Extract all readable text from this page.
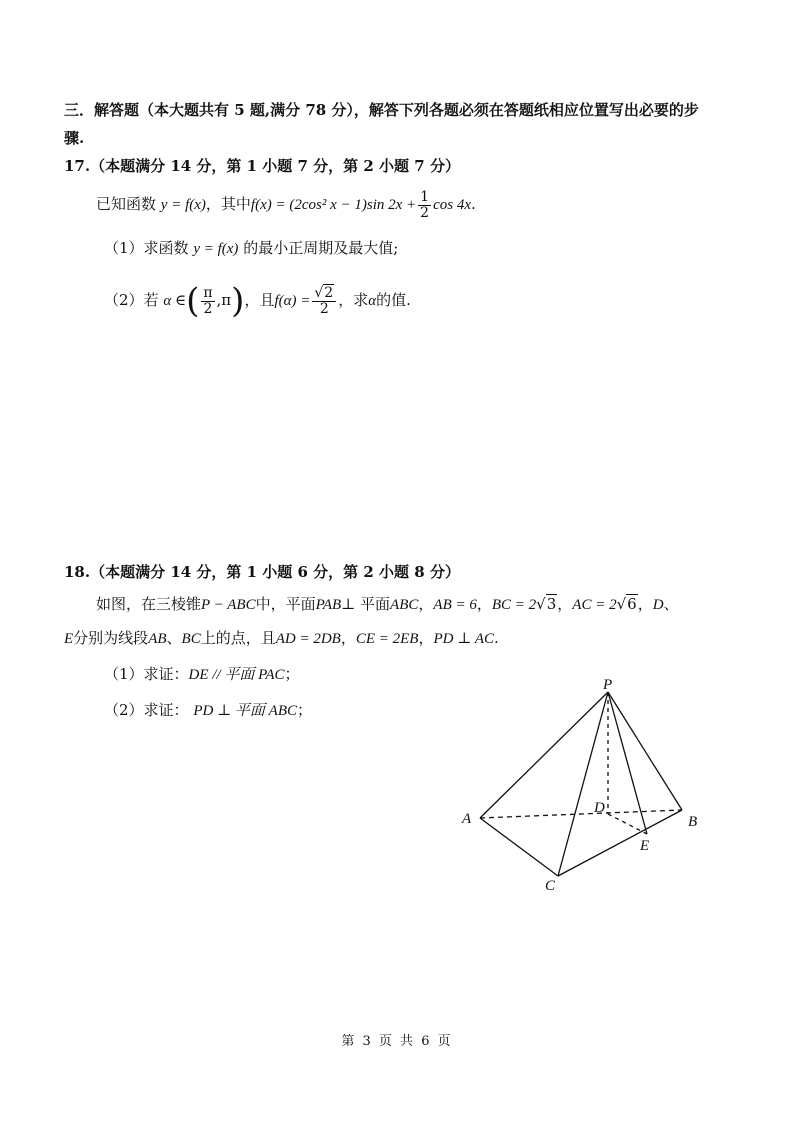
三．解答题（本大题共有 5 题,满分 78 分），解答下列各题必须在答题纸相应位置写出必要的步
骤.
17.（本题满分 14 分，第 1 小题 7 分，第 2 小题 7 分）
已知函数 y = f(x)，其中f(x) = (2cos² x − 1)sin $2x + \frac{1}{2}$ cos 4x.
（1）求函数 y = f(x) 的最小正周期及最大值;
（2）若 α ∈( $\frac{\pi}{2} ,\pi$)，且$f(\alpha) = \frac{√2}{2}$ ，求α的值.
18.（本题满分 14 分，第 1 小题 6 分，第 2 小题 8 分）
如图，在三棱锥P − ABC中，平面PAB⊥ 平面ABC，AB = 6，BC = 2√3，AC = 2√6，D、
E分别为线段AB、BC上的点，且AD = 2DB，CE = 2EB，PD ⊥ AC.
（1）求证：DE // 平面 PAC；
（2）求证： PD ⊥ 平面 ABC；
P
A	B
C
D
E
第 3 页 共 6 页
